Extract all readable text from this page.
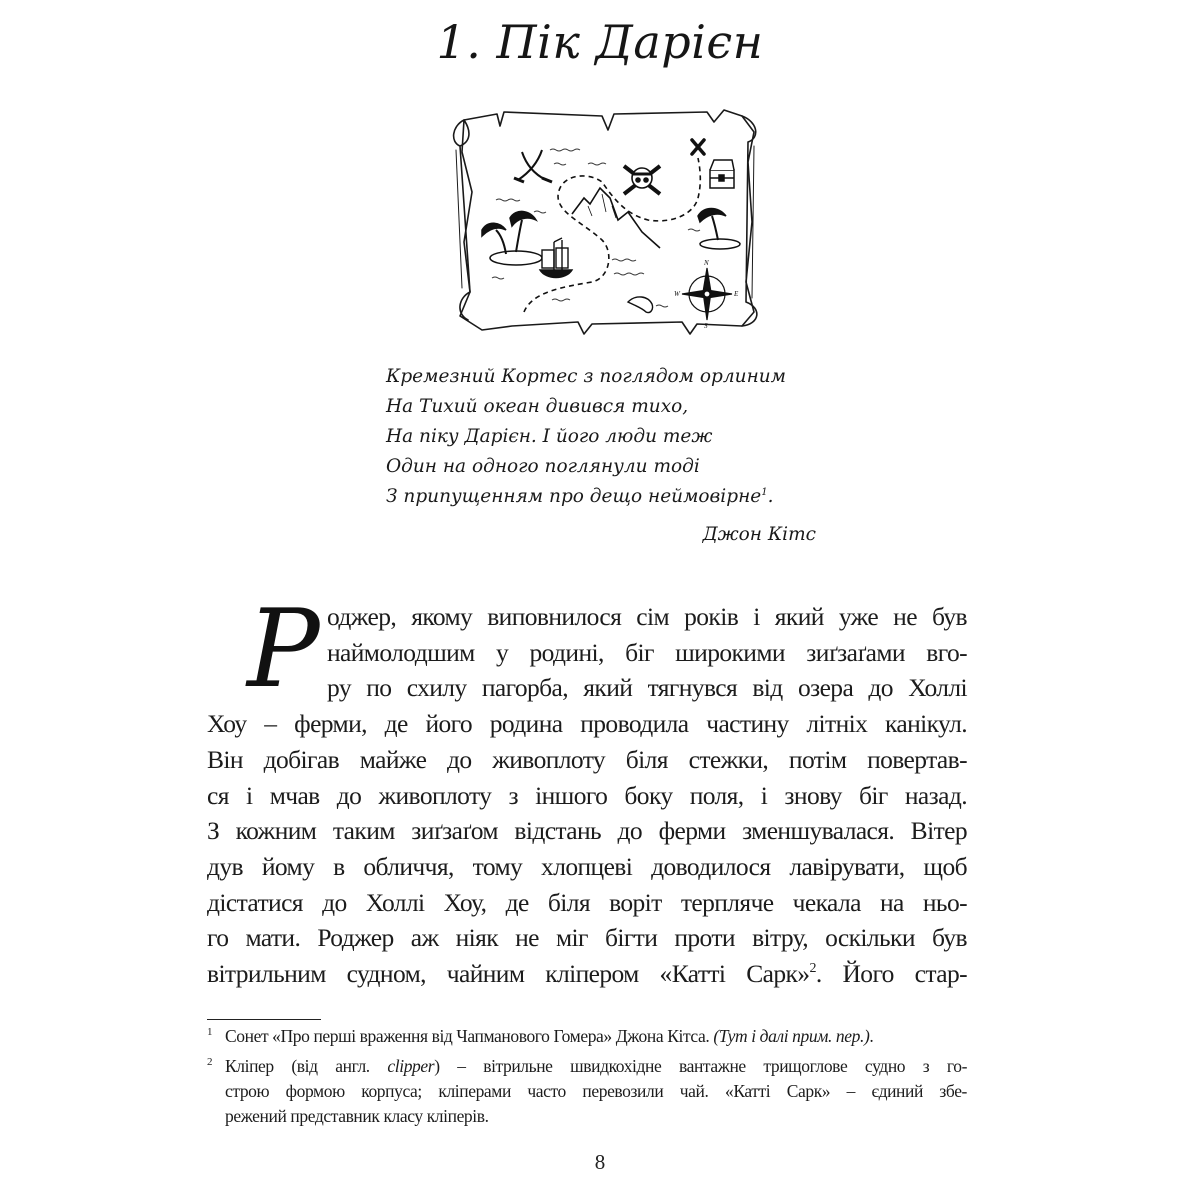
1. Пік Дарієн
N
E
S
W
Кремезний Кортес з поглядом орлиним
На Тихий океан дивився тихо,
На піку Дарієн. І його люди теж
Один на одного поглянули тоді
З припущенням про дещо неймовірне$^1$.
Джон Кітс
Р оджер, якому виповнилося сім років і який уже не був
наймолодшим у родині, біг широкими зиґзаґами вго-
ру по схилу пагорба, який тягнувся від озера до Холлі
Хоу – ферми, де його родина проводила частину літніх канікул.
Він добігав майже до живоплоту біля стежки, потім повертав-
ся і мчав до живоплоту з іншого боку поля, і знову біг назад.
З кожним таким зиґзаґом відстань до ферми зменшувалася. Вітер
дув йому в обличчя, тому хлопцеві доводилося лавірувати, щоб
дістатися до Холлі Хоу, де біля воріт терпляче чекала на ньо-
го мати. Роджер аж ніяк не міг бігти проти вітру, оскільки був
вітрильним судном, чайним кліпером «Катті Сарк»$^2$. Його стар-
1 Сонет «Про перші враження від Чапманового Гомера» Джона Кітса. (Тут і далі прим. пер.).
2 Кліпер (від англ. clipper) – вітрильне швидкохідне вантажне трищоглове судно з го-
строю формою корпуса; кліперами часто перевозили чай. «Катті Сарк» – єдиний збе-
режений представник класу кліперів.
8
